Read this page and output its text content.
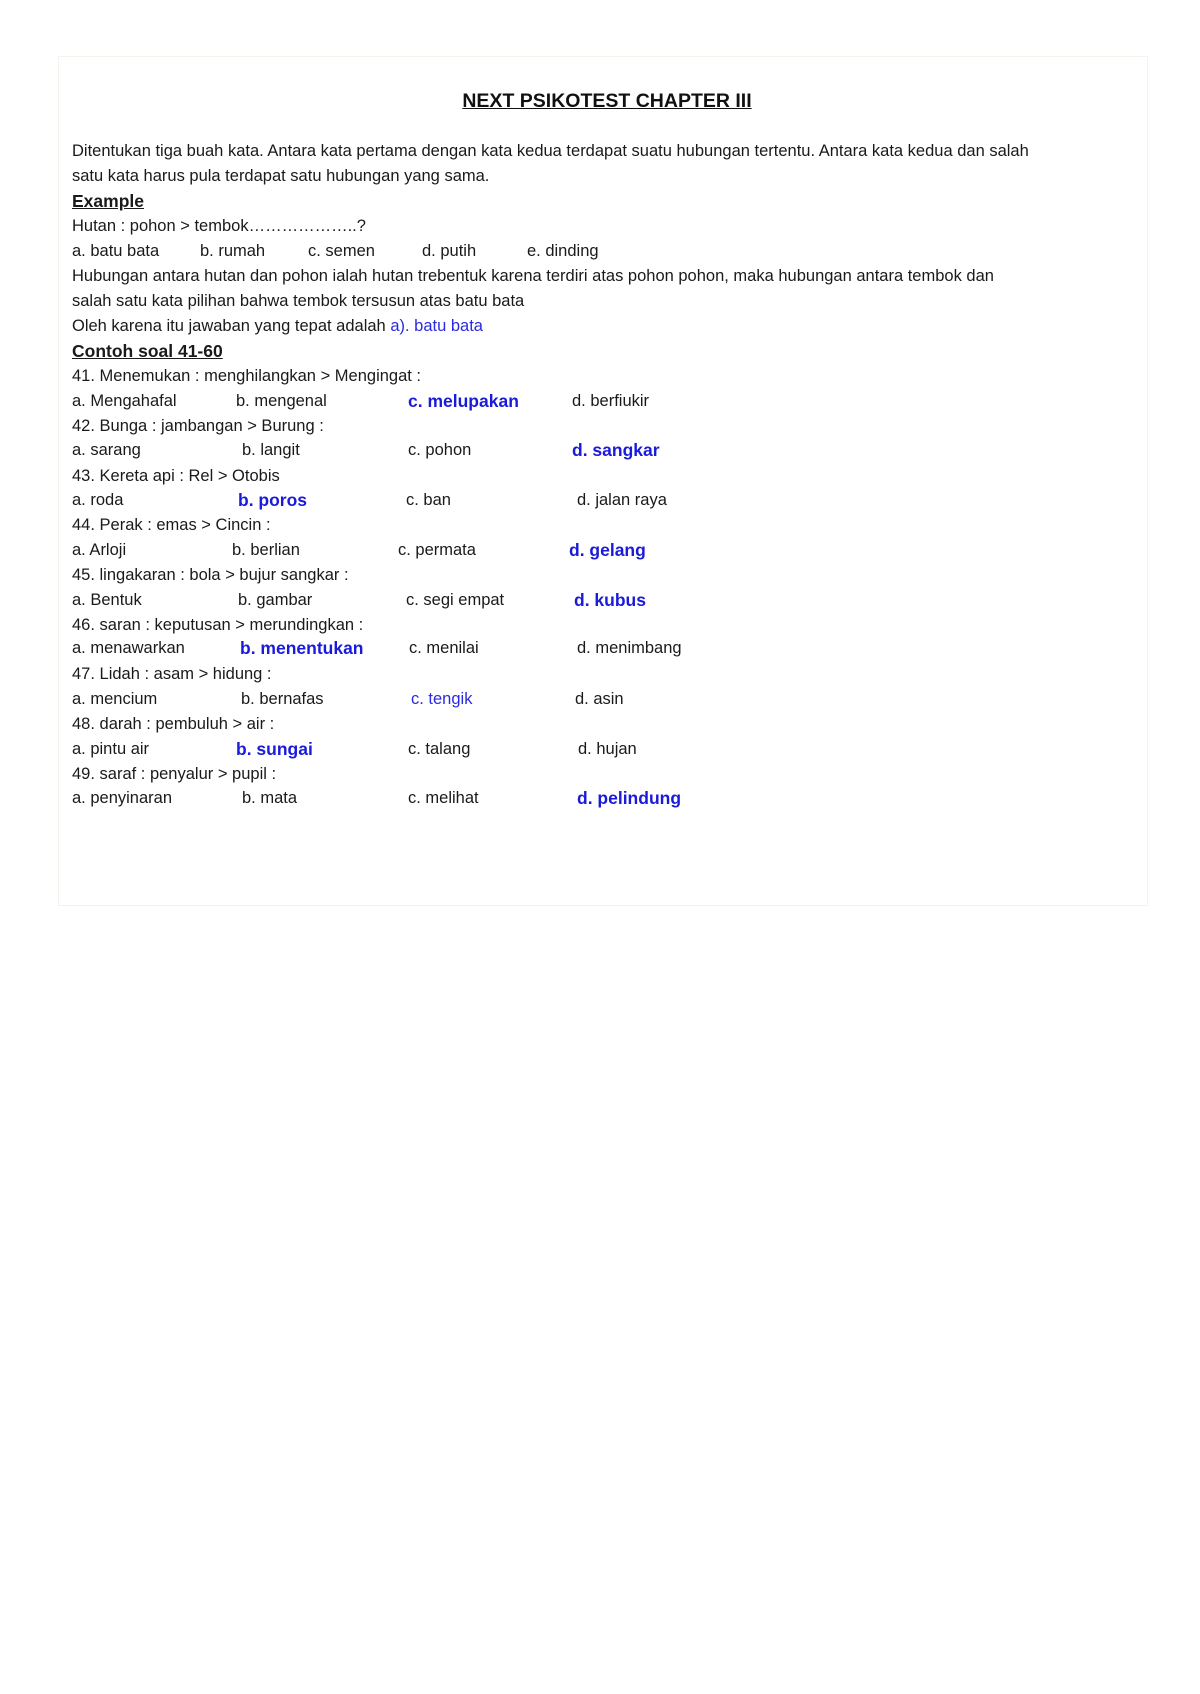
NEXT PSIKOTEST CHAPTER III
Ditentukan tiga buah kata. Antara kata pertama dengan kata kedua terdapat suatu hubungan tertentu. Antara kata kedua dan salah
satu kata harus pula terdapat satu hubungan yang sama.
Example
Hutan : pohon > tembok………………..?
a. batu bata b. rumah	c. semen	d. putih	e. dinding
Hubungan antara hutan dan pohon ialah hutan trebentuk karena terdiri atas pohon pohon, maka hubungan antara tembok dan
salah satu kata pilihan bahwa tembok tersusun atas batu bata
Oleh karena itu jawaban yang tepat adalah a). batu bata
Contoh soal 41-60
41. Menemukan : menghilangkan > Mengingat :
a. Mengahafal	b. mengenal	c. melupakan	d. berfiukir
42. Bunga : jambangan > Burung :
a. sarang	b. langit	c. pohon	d. sangkar
43. Kereta api : Rel > Otobis
a. roda	b. poros	c. ban	d. jalan raya
44. Perak : emas > Cincin :
a. Arloji	b. berlian	c. permata	d. gelang
45. lingakaran : bola > bujur sangkar :
a. Bentuk	b. gambar	c. segi empat	d. kubus
46. saran : keputusan > merundingkan :
a. menawarkan	b. menentukan	c. menilai	d. menimbang
47. Lidah : asam > hidung :
a. mencium	b. bernafas	c. tengik	d. asin
48. darah : pembuluh > air :
a. pintu air	b. sungai	c. talang	d. hujan
49. saraf : penyalur > pupil :
a. penyinaran	b. mata	c. melihat	d. pelindung
